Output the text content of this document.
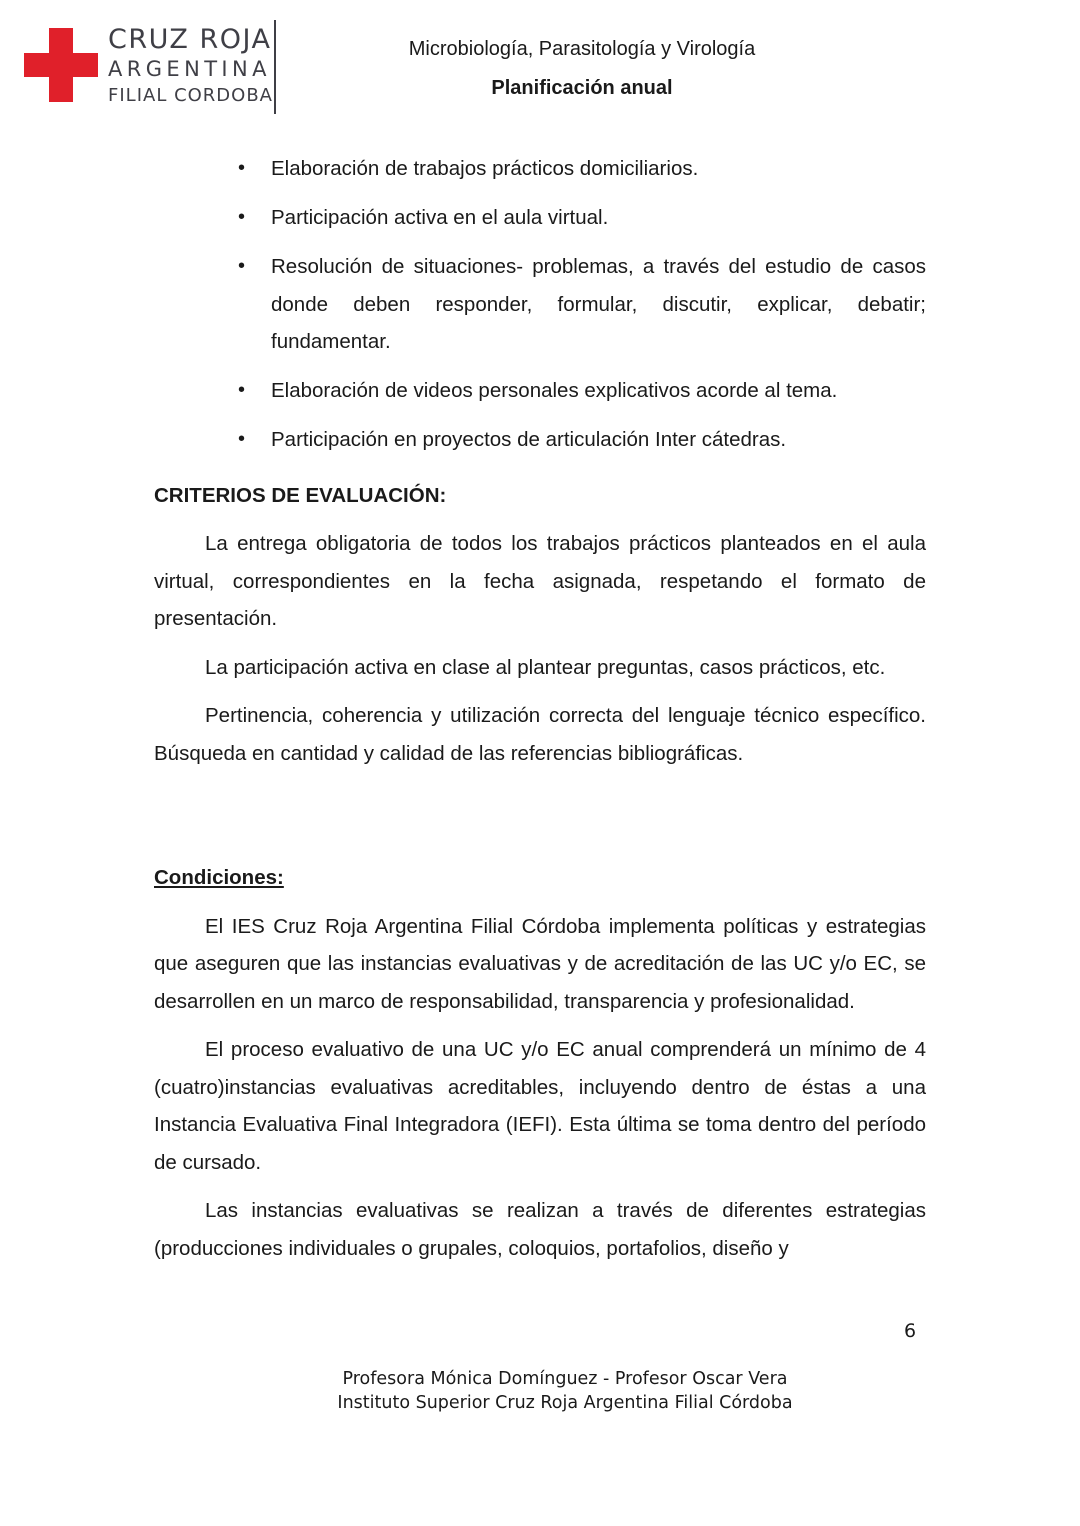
CRUZ ROJA
ARGENTINA
FILIAL CORDOBA
Microbiología, Parasitología y Virología
Planificación anual
• Elaboración de trabajos prácticos domiciliarios.
• Participación activa en el aula virtual.
• Resolución de situaciones- problemas, a través del estudio de casos donde deben responder, formular, discutir, explicar, debatir; fundamentar.
• Elaboración de videos personales explicativos acorde al tema.
• Participación en proyectos de articulación Inter cátedras.
CRITERIOS DE EVALUACIÓN:

La entrega obligatoria de todos los trabajos prácticos planteados en el aula virtual, correspondientes en la fecha asignada, respetando el formato de presentación.

La participación activa en clase al plantear preguntas, casos prácticos, etc.

Pertinencia, coherencia y utilización correcta del lenguaje técnico específico. Búsqueda en cantidad y calidad de las referencias bibliográficas.

Condiciones:

El IES Cruz Roja Argentina Filial Córdoba implementa políticas y estrategias que aseguren que las instancias evaluativas y de acreditación de las UC y/o EC, se desarrollen en un marco de responsabilidad, transparencia y profesionalidad.

El proceso evaluativo de una UC y/o EC anual comprenderá un mínimo de 4 (cuatro)instancias evaluativas acreditables, incluyendo dentro de éstas a una Instancia Evaluativa Final Integradora (IEFI). Esta última se toma dentro del período de cursado.

Las instancias evaluativas se realizan a través de diferentes estrategias (producciones individuales o grupales, coloquios, portafolios, diseño y

6
Profesora Mónica Domínguez - Profesor Oscar Vera
Instituto Superior Cruz Roja Argentina Filial Córdoba
